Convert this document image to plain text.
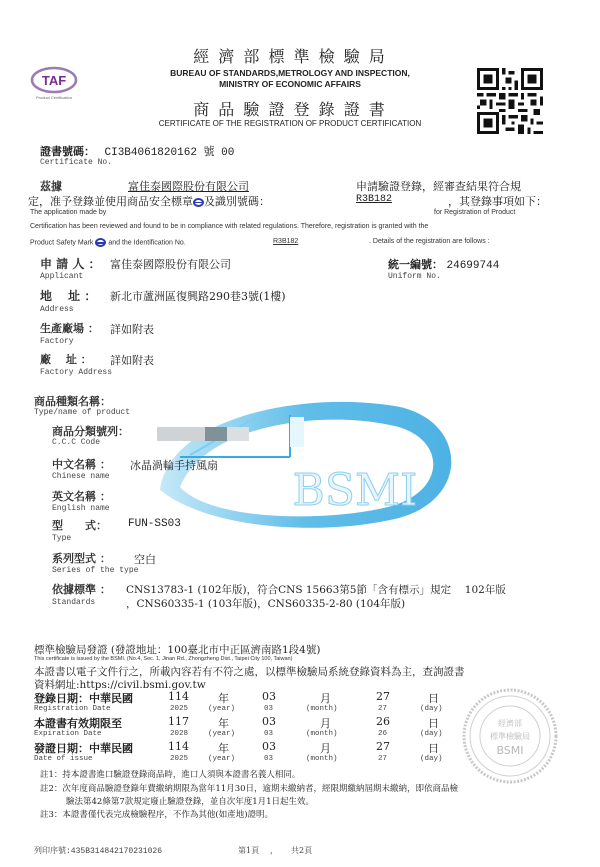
BSMI
TAF
Product Certification
經 濟 部 標 準 檢 驗 局
BUREAU OF STANDARDS,METROLOGY AND INSPECTION,
MINISTRY OF ECONOMIC AFFAIRS
商 品 驗 證 登 錄 證 書
CERTIFICATE OF THE REGISTRATION OF PRODUCT CERTIFICATION
證書號碼： CI3B4061820162 號 00
Certificate No.
茲據	富佳泰國際股份有限公司	申請驗證登錄，經審查結果符合規
定，准予登錄並使用商品安全標章 及識別號碼：	R3B182	，其登錄事項如下：
The application made by	for Registration of Product
Certification has been reviewed and found to be in compliance with related regulations. Therefore, registration is granted with the
Product Safety Mark and the Identification No.	R3B182	. Details of the registration are follows :
申 請 人 ： 富佳泰國際股份有限公司
Applicant
統一編號： 24699744
Uniform No.
地　 址 ： 新北市蘆洲區復興路290巷3號(1樓)
Address
生產廠場 ： 詳如附表
Factory
廠　 址 ： 詳如附表
Factory Address
商品種類名稱：
Type/name of product
商品分類號列：
C.C.C Code
中文名稱 ： 冰晶渦輪手持風扇
Chinese name
英文名稱 ：
English name
型　　式： FUN-SS03
Type
系列型式 ： 空白
Series of the type
依據標準 ： CNS13783-1 (102年版)，符合CNS 15663第5節「含有標示」規定　 102年版
Standards	，CNS60335-1 (103年版)，CNS60335-2-80 (104年版)
標準檢驗局發證 (發證地址：100臺北市中正區濟南路1段4號)
This certificate is issued by the BSMI. (No.4, Sec. 1, Jinan Rd., Zhongzheng Dist., Taipei City 100, Taiwan)
本證書以電子文件行之，所載內容若有不符之處，以標準檢驗局系統登錄資料為主，查詢證書
資料網址:https://civil.bsmi.gov.tw
登錄日期：中華民國	114	年	03	月	27	日
Registration Date	2025	(year)	03	(month)	27	(day)
本證書有效期限至	117	年	03	月	26	日
Expiration Date	2028	(year)	03	(month)	26	(day)
發證日期：中華民國	114	年	03	月	27	日
Date of issue	2025	(year)	03	(month)	27	(day)
經濟部
標準檢驗局
BSMI
註1：持本證書進口驗證登錄商品時，進口人須與本證書名義人相同。
註2：次年度商品驗證登錄年費繳納期限為當年11月30日，逾期未繳納者，經限期繳納屆期未繳納，即依商品檢
驗法第42條第7款規定廢止驗證登錄，並自次年度1月1日起生效。
註3：本證書僅代表完成檢驗程序，不作為其他(如產地)證明。
列印序號:435B3148421702310​26	第1頁 ， 共2頁
